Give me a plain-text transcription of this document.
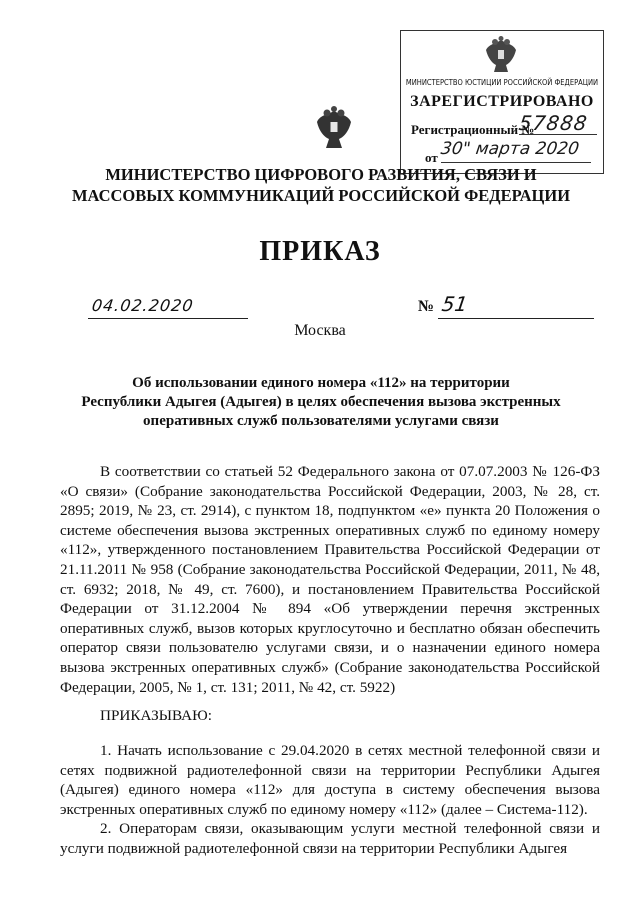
МИНИСТЕРСТВО ЮСТИЦИИ РОССИЙСКОЙ ФЕДЕРАЦИИ
ЗАРЕГИСТРИРОВАНО
Регистрационный №
57888
от 30" марта 2020
МИНИСТЕРСТВО ЦИФРОВОГО РАЗВИТИЯ, СВЯЗИ И
МАССОВЫХ КОММУНИКАЦИЙ РОССИЙСКОЙ ФЕДЕРАЦИИ
ПРИКАЗ
04.02.2020	№ 51
Москва
Об использовании единого номера «112» на территории
Республики Адыгея (Адыгея) в целях обеспечения вызова экстренных
оперативных служб пользователями услугами связи

В соответствии со статьей 52 Федерального закона от 07.07.2003 № 126-ФЗ «О связи» (Собрание законодательства Российской Федерации, 2003, № 28, ст. 2895; 2019, № 23, ст. 2914), с пунктом 18, подпунктом «е» пункта 20 Положения о системе обеспечения вызова экстренных оперативных служб по единому номеру «112», утвержденного постановлением Правительства Российской Федерации от 21.11.2011 № 958 (Собрание законодательства Российской Федерации, 2011, № 48, ст. 6932; 2018, № 49, ст. 7600), и постановлением Правительства Российской Федерации от 31.12.2004 № 894 «Об утверждении перечня экстренных оперативных служб, вызов которых круглосуточно и бесплатно обязан обеспечить оператор связи пользователю услугами связи, и о назначении единого номера вызова экстренных оперативных служб» (Собрание законодательства Российской Федерации, 2005, № 1, ст. 131; 2011, № 42, ст. 5922)

ПРИКАЗЫВАЮ:

1. Начать использование с 29.04.2020 в сетях местной телефонной связи и сетях подвижной радиотелефонной связи на территории Республики Адыгея (Адыгея) единого номера «112» для доступа в систему обеспечения вызова экстренных оперативных служб по единому номеру «112» (далее – Система-112).

2. Операторам связи, оказывающим услуги местной телефонной связи и услуги подвижной радиотелефонной связи на территории Республики Адыгея
